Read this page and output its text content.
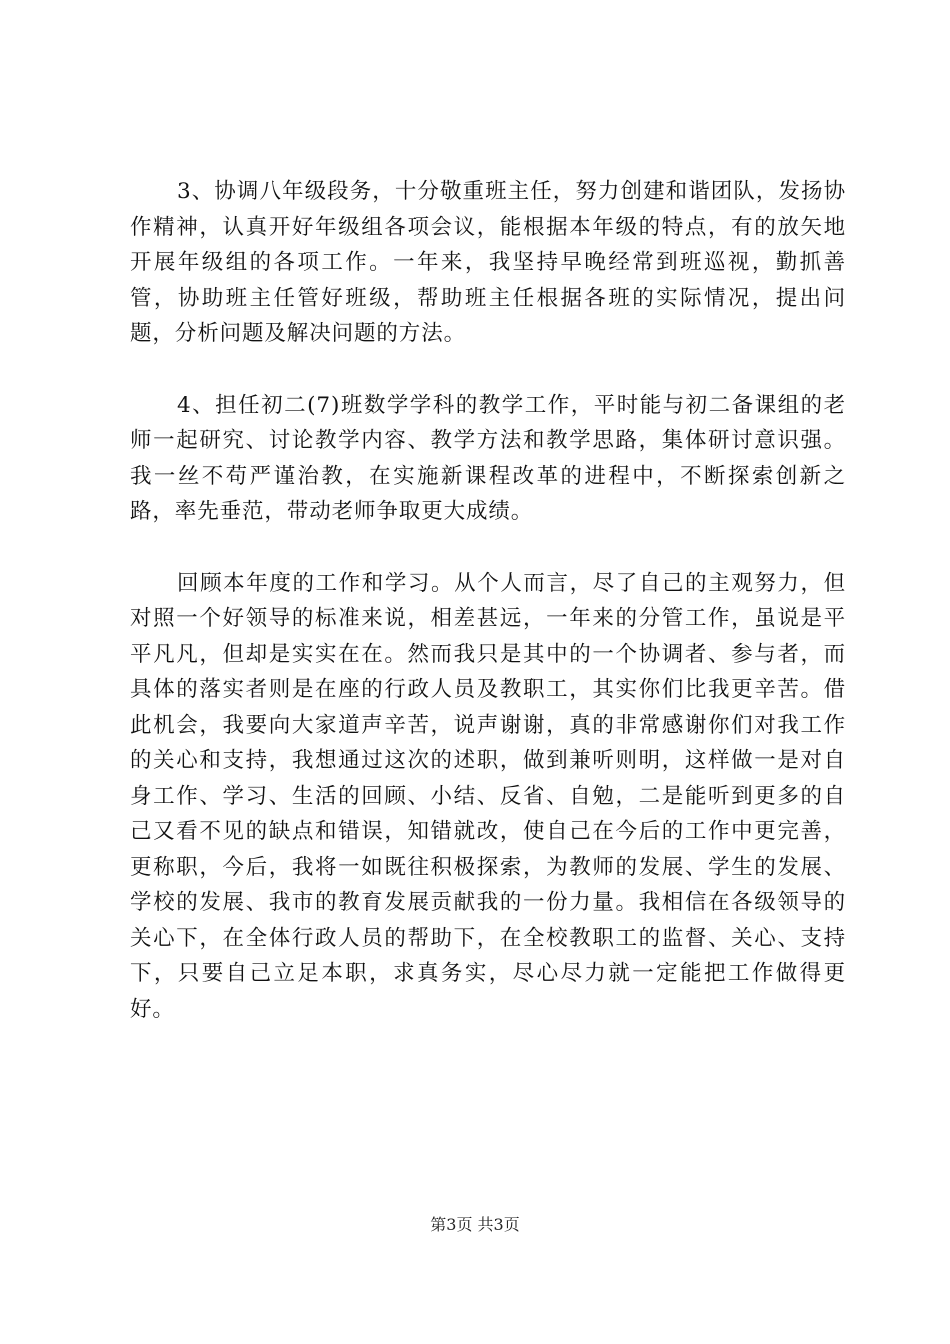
3、协调八年级段务，十分敬重班主任，努力创建和谐团队，发扬协作精神，认真开好年级组各项会议，能根据本年级的特点，有的放矢地开展年级组的各项工作。一年来，我坚持早晚经常到班巡视，勤抓善管，协助班主任管好班级，帮助班主任根据各班的实际情况，提出问题，分析问题及解决问题的方法。

4、担任初二(7)班数学学科的教学工作，平时能与初二备课组的老师一起研究、讨论教学内容、教学方法和教学思路，集体研讨意识强。我一丝不苟严谨治教，在实施新课程改革的进程中，不断探索创新之路，率先垂范，带动老师争取更大成绩。

回顾本年度的工作和学习。从个人而言，尽了自己的主观努力，但对照一个好领导的标准来说，相差甚远，一年来的分管工作，虽说是平平凡凡，但却是实实在在。然而我只是其中的一个协调者、参与者，而具体的落实者则是在座的行政人员及教职工，其实你们比我更辛苦。借此机会，我要向大家道声辛苦，说声谢谢，真的非常感谢你们对我工作的关心和支持，我想通过这次的述职，做到兼听则明，这样做一是对自身工作、学习、生活的回顾、小结、反省、自勉，二是能听到更多的自己又看不见的缺点和错误，知错就改，使自己在今后的工作中更完善，更称职，今后，我将一如既往积极探索，为教师的发展、学生的发展、学校的发展、我市的教育发展贡献我的一份力量。我相信在各级领导的关心下，在全体行政人员的帮助下，在全校教职工的监督、关心、支持下，只要自己立足本职，求真务实，尽心尽力就一定能把工作做得更好。

第3页 共3页
